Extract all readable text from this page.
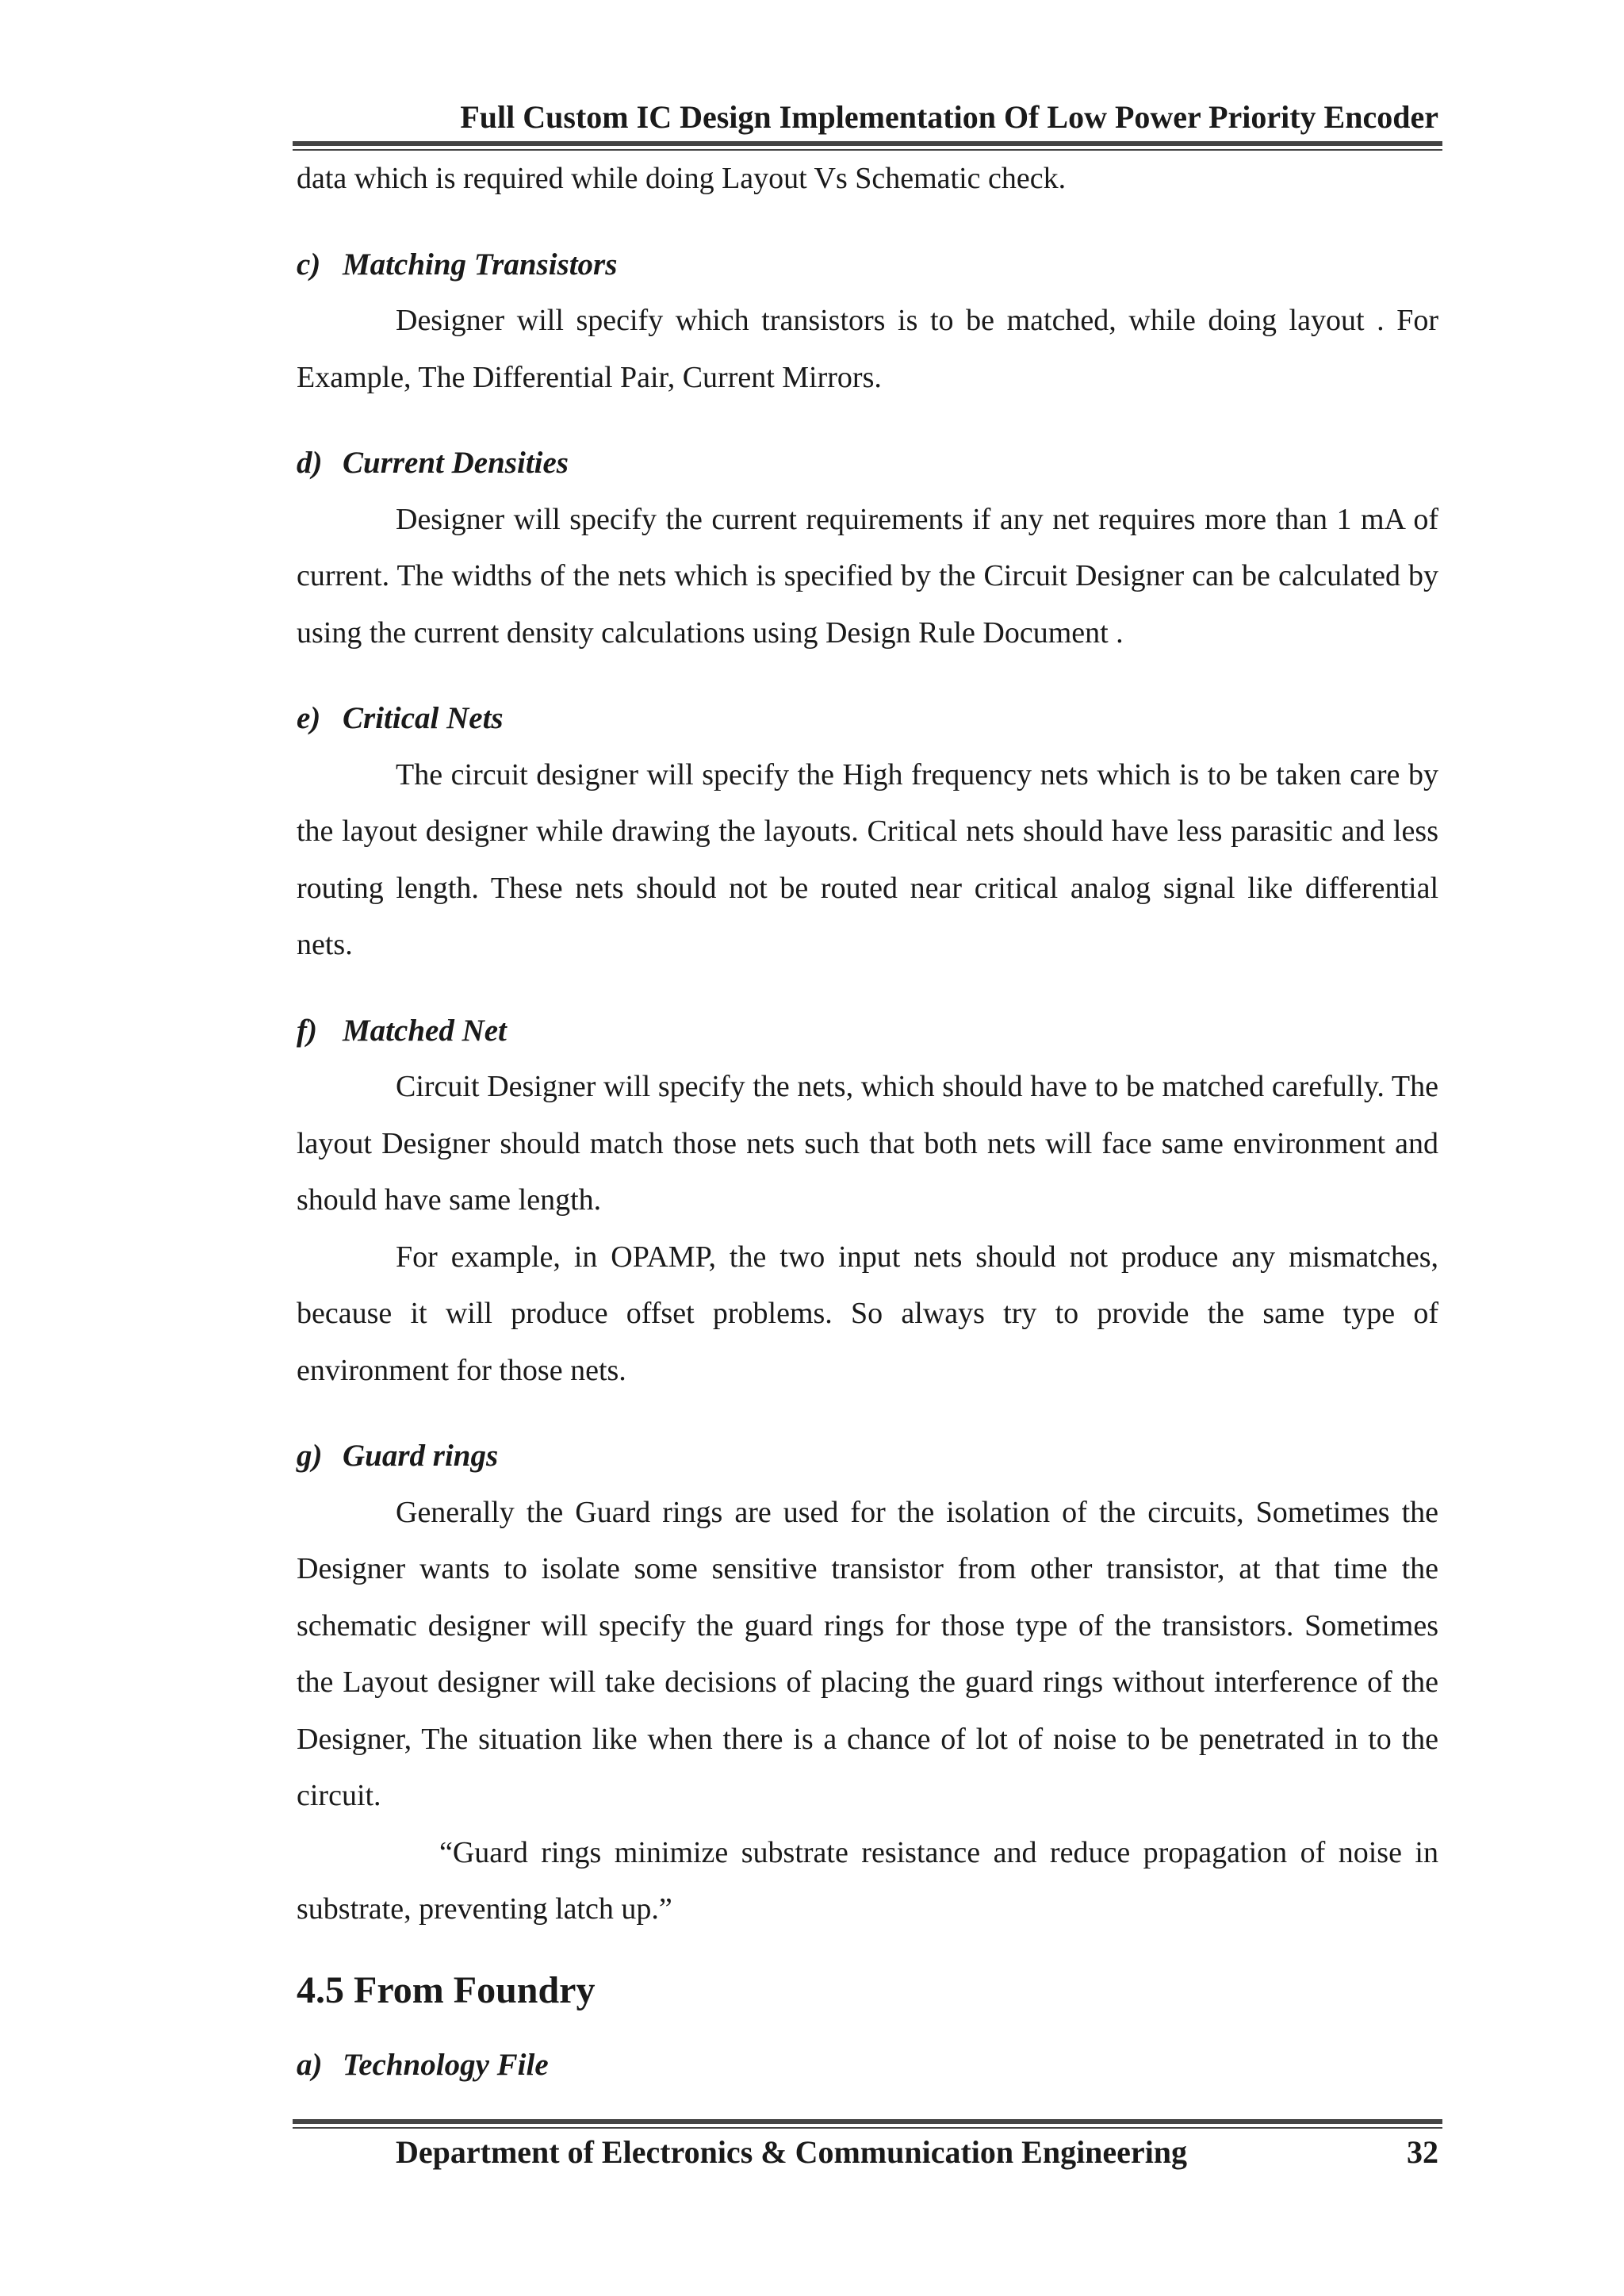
Full Custom IC Design Implementation Of Low Power Priority Encoder

data which is required while doing Layout Vs Schematic check.

c) Matching Transistors

Designer will specify which transistors is to be matched, while doing layout . For Example, The Differential Pair, Current Mirrors.

d) Current Densities

Designer will specify the current requirements if any net requires more than 1 mA of current. The widths of the nets which is specified by the Circuit Designer can be calculated by using the current density calculations using Design Rule Document .

e) Critical Nets

The circuit designer will specify the High frequency nets which is to be taken care by the layout designer while drawing the layouts. Critical nets should have less parasitic and less routing length. These nets should not be routed near critical analog signal like differential nets.

f) Matched Net

Circuit Designer will specify the nets, which should have to be matched carefully. The layout Designer should match those nets such that both nets will face same environment and should have same length.

For example, in OPAMP, the two input nets should not produce any mismatches, because it will produce offset problems. So always try to provide the same type of environment for those nets.

g) Guard rings

Generally the Guard rings are used for the isolation of the circuits, Sometimes the Designer wants to isolate some sensitive transistor from other transistor, at that time the schematic designer will specify the guard rings for those type of the transistors. Sometimes the Layout designer will take decisions of placing the guard rings without interference of the Designer, The situation like when there is a chance of lot of noise to be penetrated in to the circuit.

“Guard rings minimize substrate resistance and reduce propagation of noise in substrate, preventing latch up.”

4.5 From Foundry
a) Technology File
Department of Electronics & Communication Engineering	32
